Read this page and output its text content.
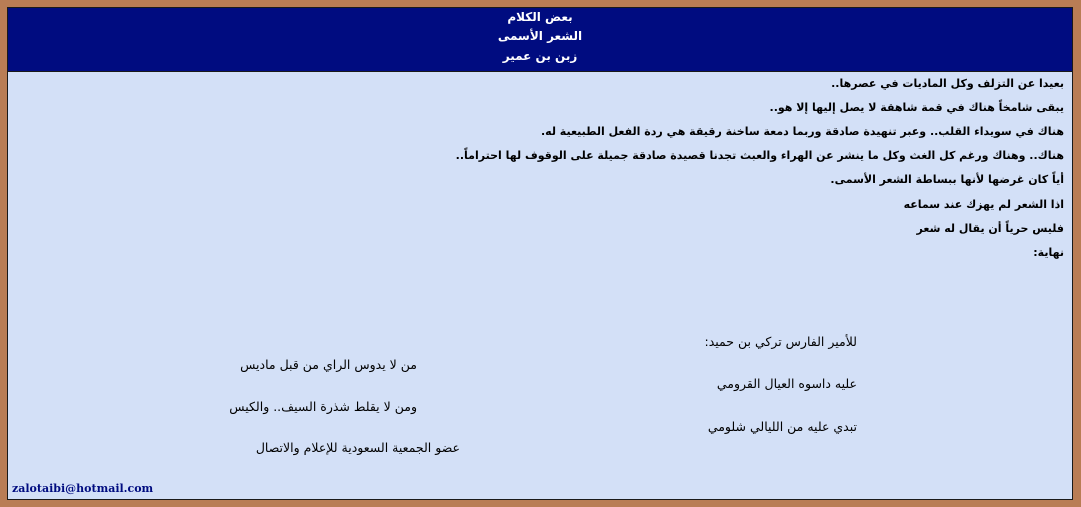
بعض الكلام
الشعر الأسمى
زبن بن عمير
بعيدا عن التزلف وكل الماديات في عصرها..
يبقى شامخاً هناك في قمة شاهقة لا يصل إليها إلا هو..
هناك في سويداء القلب.. وعبر تنهيدة صادقة وربما دمعة ساخنة رقيقة هي ردة الفعل الطبيعية له.
هناك.. وهناك ورغم كل الغث وكل ما ينشر عن الهراء والعبث تجدنا قصيدة صادقة جميلة على الوقوف لها احتراماً..
أياً كان غرضها لأنها ببساطة الشعر الأسمى.
اذا الشعر لم يهزك عند سماعه
فليس حرياً أن يقال له شعر
نهاية:
للأمير الفارس تركي بن حميد:
عليه داسوه العيال القرومي
تبدي عليه من الليالي شلومي
من لا يدوس الراي من قبل ماديس
ومن لا يقلط شذرة السيف.. والكيس
عضو الجمعية السعودية للإعلام والاتصال
zalotaibi@hotmail.com
